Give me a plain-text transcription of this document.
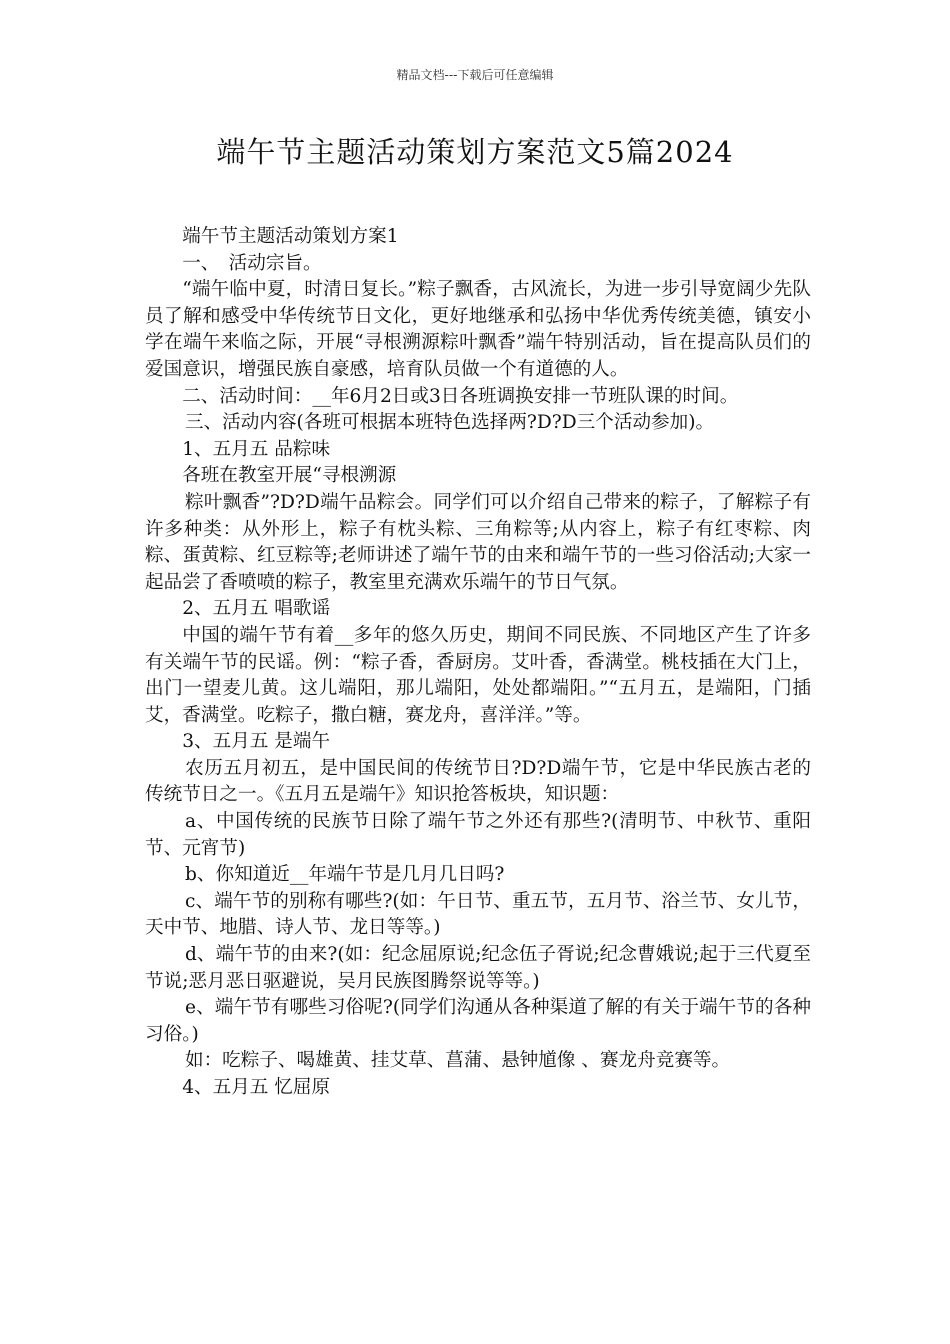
精品文档---下载后可任意编辑
端午节主题活动策划方案范文5篇2024

端午节主题活动策划方案1

一、　活动宗旨。

“端午临中夏，时清日复长。”粽子飘香，古风流长，为进一步引导宽阔少先队员了解和感受中华传统节日文化，更好地继承和弘扬中华优秀传统美德，镇安小学在端午来临之际，开展“寻根溯源粽叶飘香”端午特别活动，旨在提高队员们的爱国意识，增强民族自豪感，培育队员做一个有道德的人。

二、活动时间：__年6月2日或3日各班调换安排一节班队课的时间。

三、活动内容(各班可根据本班特色选择两?D?D三个活动参加)。

1、五月五 品粽味

各班在教室开展“寻根溯源

粽叶飘香”?D?D端午品粽会。同学们可以介绍自己带来的粽子，了解粽子有许多种类：从外形上，粽子有枕头粽、三角粽等;从内容上，粽子有红枣粽、肉粽、蛋黄粽、红豆粽等;老师讲述了端午节的由来和端午节的一些习俗活动;大家一起品尝了香喷喷的粽子，教室里充满欢乐端午的节日气氛。

2、五月五 唱歌谣

中国的端午节有着__多年的悠久历史，期间不同民族、不同地区产生了许多有关端午节的民谣。例：“粽子香，香厨房。艾叶香，香满堂。桃枝插在大门上，出门一望麦儿黄。这儿端阳，那儿端阳，处处都端阳。”“五月五，是端阳，门插艾，香满堂。吃粽子，撒白糖，赛龙舟，喜洋洋。”等。

3、五月五 是端午

农历五月初五，是中国民间的传统节日?D?D端午节，它是中华民族古老的传统节日之一。《五月五是端午》知识抢答板块，知识题：

a、中国传统的民族节日除了端午节之外还有那些?(清明节、中秋节、重阳节、元宵节)

b、你知道近__年端午节是几月几日吗?

c、端午节的别称有哪些?(如：午日节、重五节，五月节、浴兰节、女儿节，天中节、地腊、诗人节、龙日等等。)

d、端午节的由来?(如：纪念屈原说;纪念伍子胥说;纪念曹娥说;起于三代夏至节说;恶月恶日驱避说，吴月民族图腾祭说等等。)

e、端午节有哪些习俗呢?(同学们沟通从各种渠道了解的有关于端午节的各种习俗。)

如：吃粽子、喝雄黄、挂艾草、菖蒲、悬钟馗像 、赛龙舟竞赛等。

4、五月五 忆屈原
